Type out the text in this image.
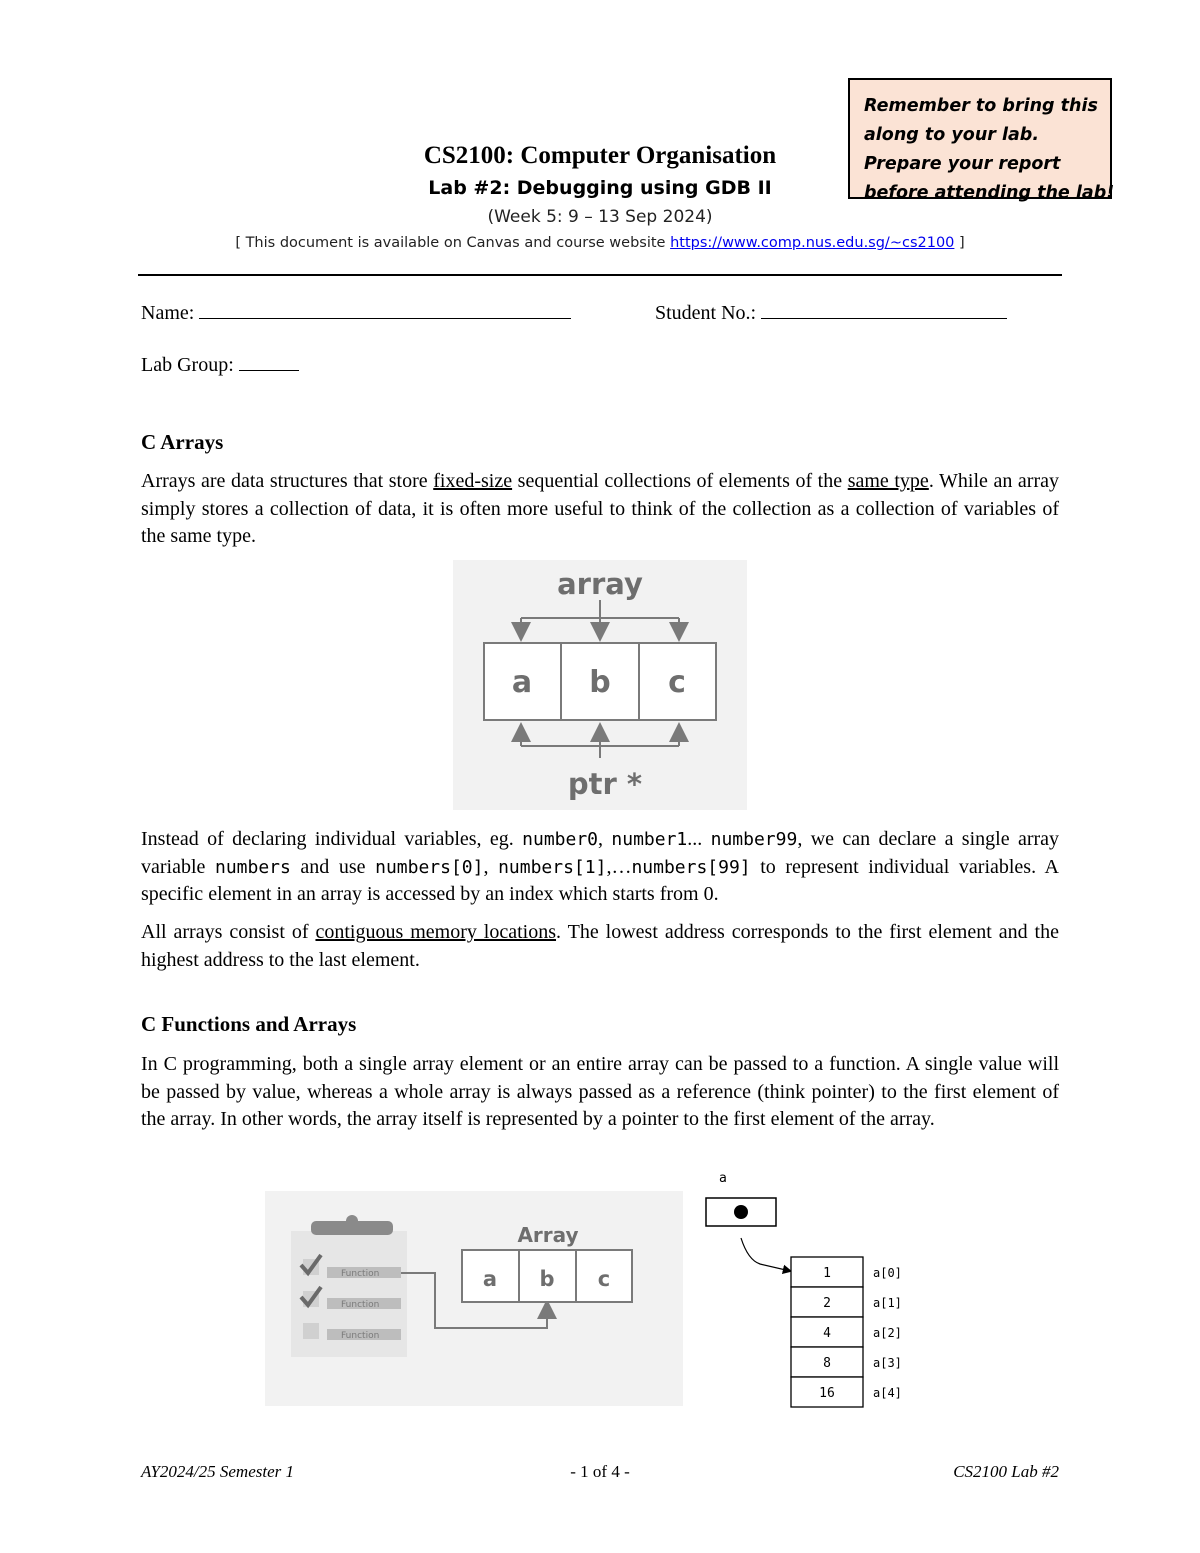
Remember to bring this
along to your lab.
Prepare your report
before attending the lab!
CS2100: Computer Organisation
Lab #2: Debugging using GDB II
(Week 5: 9 – 13 Sep 2024)
[ This document is available on Canvas and course website https://www.comp.nus.edu.sg/~cs2100 ]
Name:	Student No.:
Lab Group:
C Arrays
Arrays are data structures that store fixed-size sequential collections of elements of the same type. While an array simply stores a collection of data, it is often more useful to think of the collection as a collection of variables of the same type.
array
a b c
ptr *
Instead of declaring individual variables, eg. number0, number1... number99, we can declare a single array variable numbers and use numbers[0], numbers[1],…numbers[99] to represent individual variables. A specific element in an array is accessed by an index which starts from 0.
All arrays consist of contiguous memory locations. The lowest address corresponds to the first element and the highest address to the last element.
C Functions and Arrays
In C programming, both a single array element or an entire array can be passed to a function. A single value will be passed by value, whereas a whole array is always passed as a reference (think pointer) to the first element of the array. In other words, the array itself is represented by a pointer to the first element of the array.
Function
Function
Function
Array
a b c
a
1	a[0]
2	a[1]
4	a[2]
8	a[3]
16	a[4]
AY2024/25 Semester 1	- 1 of 4 -	CS2100 Lab #2
